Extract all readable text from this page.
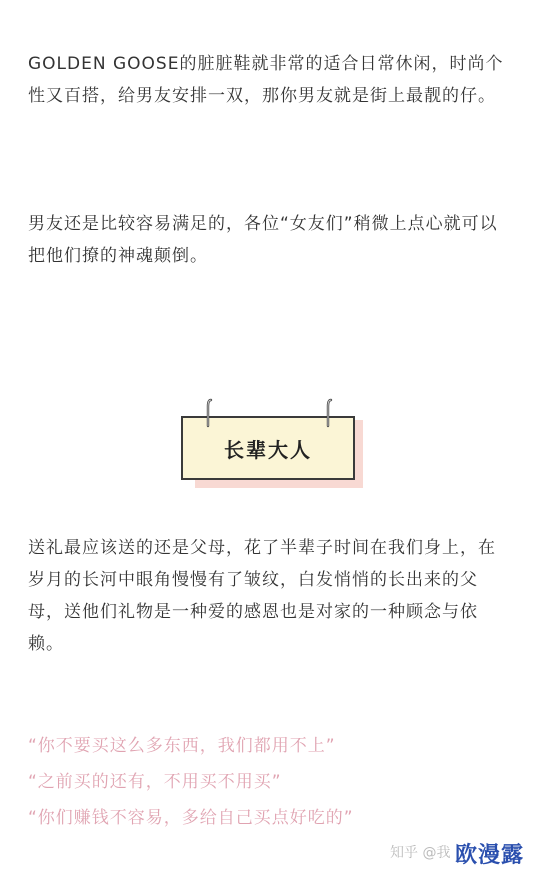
GOLDEN GOOSE的脏脏鞋就非常的适合日常休闲，时尚个性又百搭，给男友安排一双，那你男友就是街上最靓的仔。

男友还是比较容易满足的，各位“女友们”稍微上点心就可以把他们撩的神魂颠倒。

长辈大人

送礼最应该送的还是父母，花了半辈子时间在我们身上，在岁月的长河中眼角慢慢有了皱纹，白发悄悄的长出来的父母，送他们礼物是一种爱的感恩也是对家的一种顾念与依赖。

“你不要买这么多东西，我们都用不上”
“之前买的还有，不用买不用买”
“你们赚钱不容易，多给自己买点好吃的”
知乎 @我 欧漫露
